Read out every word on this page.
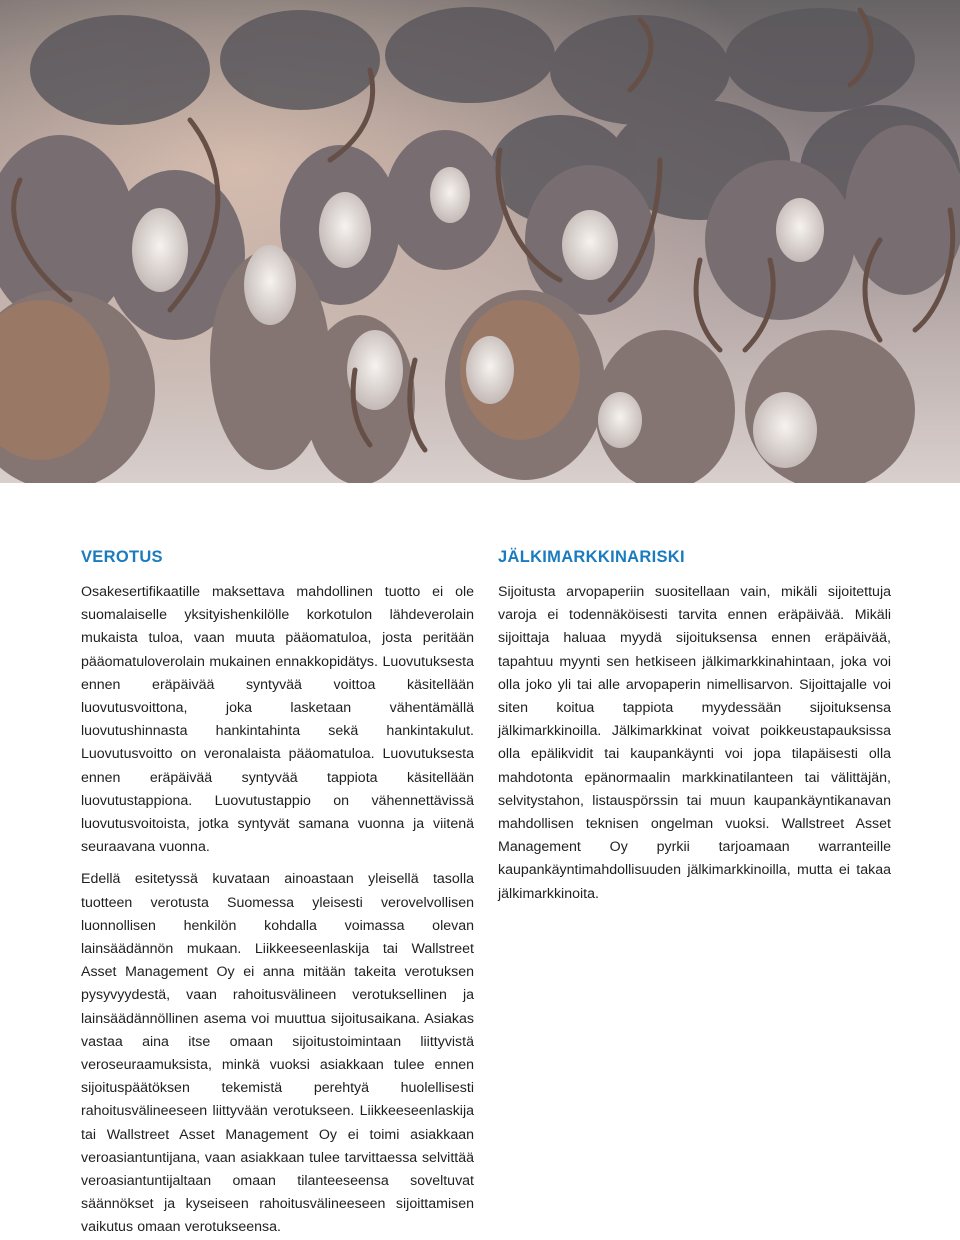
VEROTUS

Osakesertifikaatille maksettava mahdollinen tuotto ei ole suomalaiselle yksityishenkilölle korkotulon lähdeverolain mukaista tuloa, vaan muuta pääomatuloa, josta peritään pääomatuloverolain mukainen ennakkopidätys. Luovutuksesta ennen eräpäivää syntyvää voittoa käsitellään luovutusvoittona, joka lasketaan vähentämällä luovutushinnasta hankintahinta sekä hankintakulut. Luovutusvoitto on veronalaista pääomatuloa. Luovutuksesta ennen eräpäivää syntyvää tappiota käsitellään luovutustappiona. Luovutustappio on vähennettävissä luovutusvoitoista, jotka syntyvät samana vuonna ja viitenä seuraavana vuonna.

Edellä esitetyssä kuvataan ainoastaan yleisellä tasolla tuotteen verotusta Suomessa yleisesti verovelvollisen luonnollisen henkilön kohdalla voimassa olevan lainsäädännön mukaan. Liikkeeseenlaskija tai Wallstreet Asset Management Oy ei anna mitään takeita verotuksen pysyvyydestä, vaan rahoitusvälineen verotuksellinen ja lainsäädännöllinen asema voi muuttua sijoitusaikana. Asiakas vastaa aina itse omaan sijoitustoimintaan liittyvistä veroseuraamuksista, minkä vuoksi asiakkaan tulee ennen sijoituspäätöksen tekemistä perehtyä huolellisesti rahoitusvälineeseen liittyvään verotukseen. Liikkeeseenlaskija tai Wallstreet Asset Management Oy ei toimi asiakkaan veroasiantuntijana, vaan asiakkaan tulee tarvittaessa selvittää veroasiantuntijaltaan omaan tilanteeseensa soveltuvat säännökset ja kyseiseen rahoitusvälineeseen sijoittamisen vaikutus omaan verotukseensa.

JÄLKIMARKKINARISKI

Sijoitusta arvopaperiin suositellaan vain, mikäli sijoitettuja varoja ei todennäköisesti tarvita ennen eräpäivää. Mikäli sijoittaja haluaa myydä sijoituksensa ennen eräpäivää, tapahtuu myynti sen hetkiseen jälkimarkkinahintaan, joka voi olla joko yli tai alle arvopaperin nimellisarvon. Sijoittajalle voi siten koitua tappiota myydessään sijoituksensa jälkimarkkinoilla. Jälkimarkkinat voivat poikkeustapauksissa olla epälikvidit tai kaupankäynti voi jopa tilapäisesti olla mahdotonta epänormaalin markkinatilanteen tai välittäjän, selvitystahon, listauspörssin tai muun kaupankäyntikanavan mahdollisen teknisen ongelman vuoksi. Wallstreet Asset Management Oy pyrkii tarjoamaan warranteille kaupankäyntimahdollisuuden jälkimarkkinoilla, mutta ei takaa jälkimarkkinoita.
